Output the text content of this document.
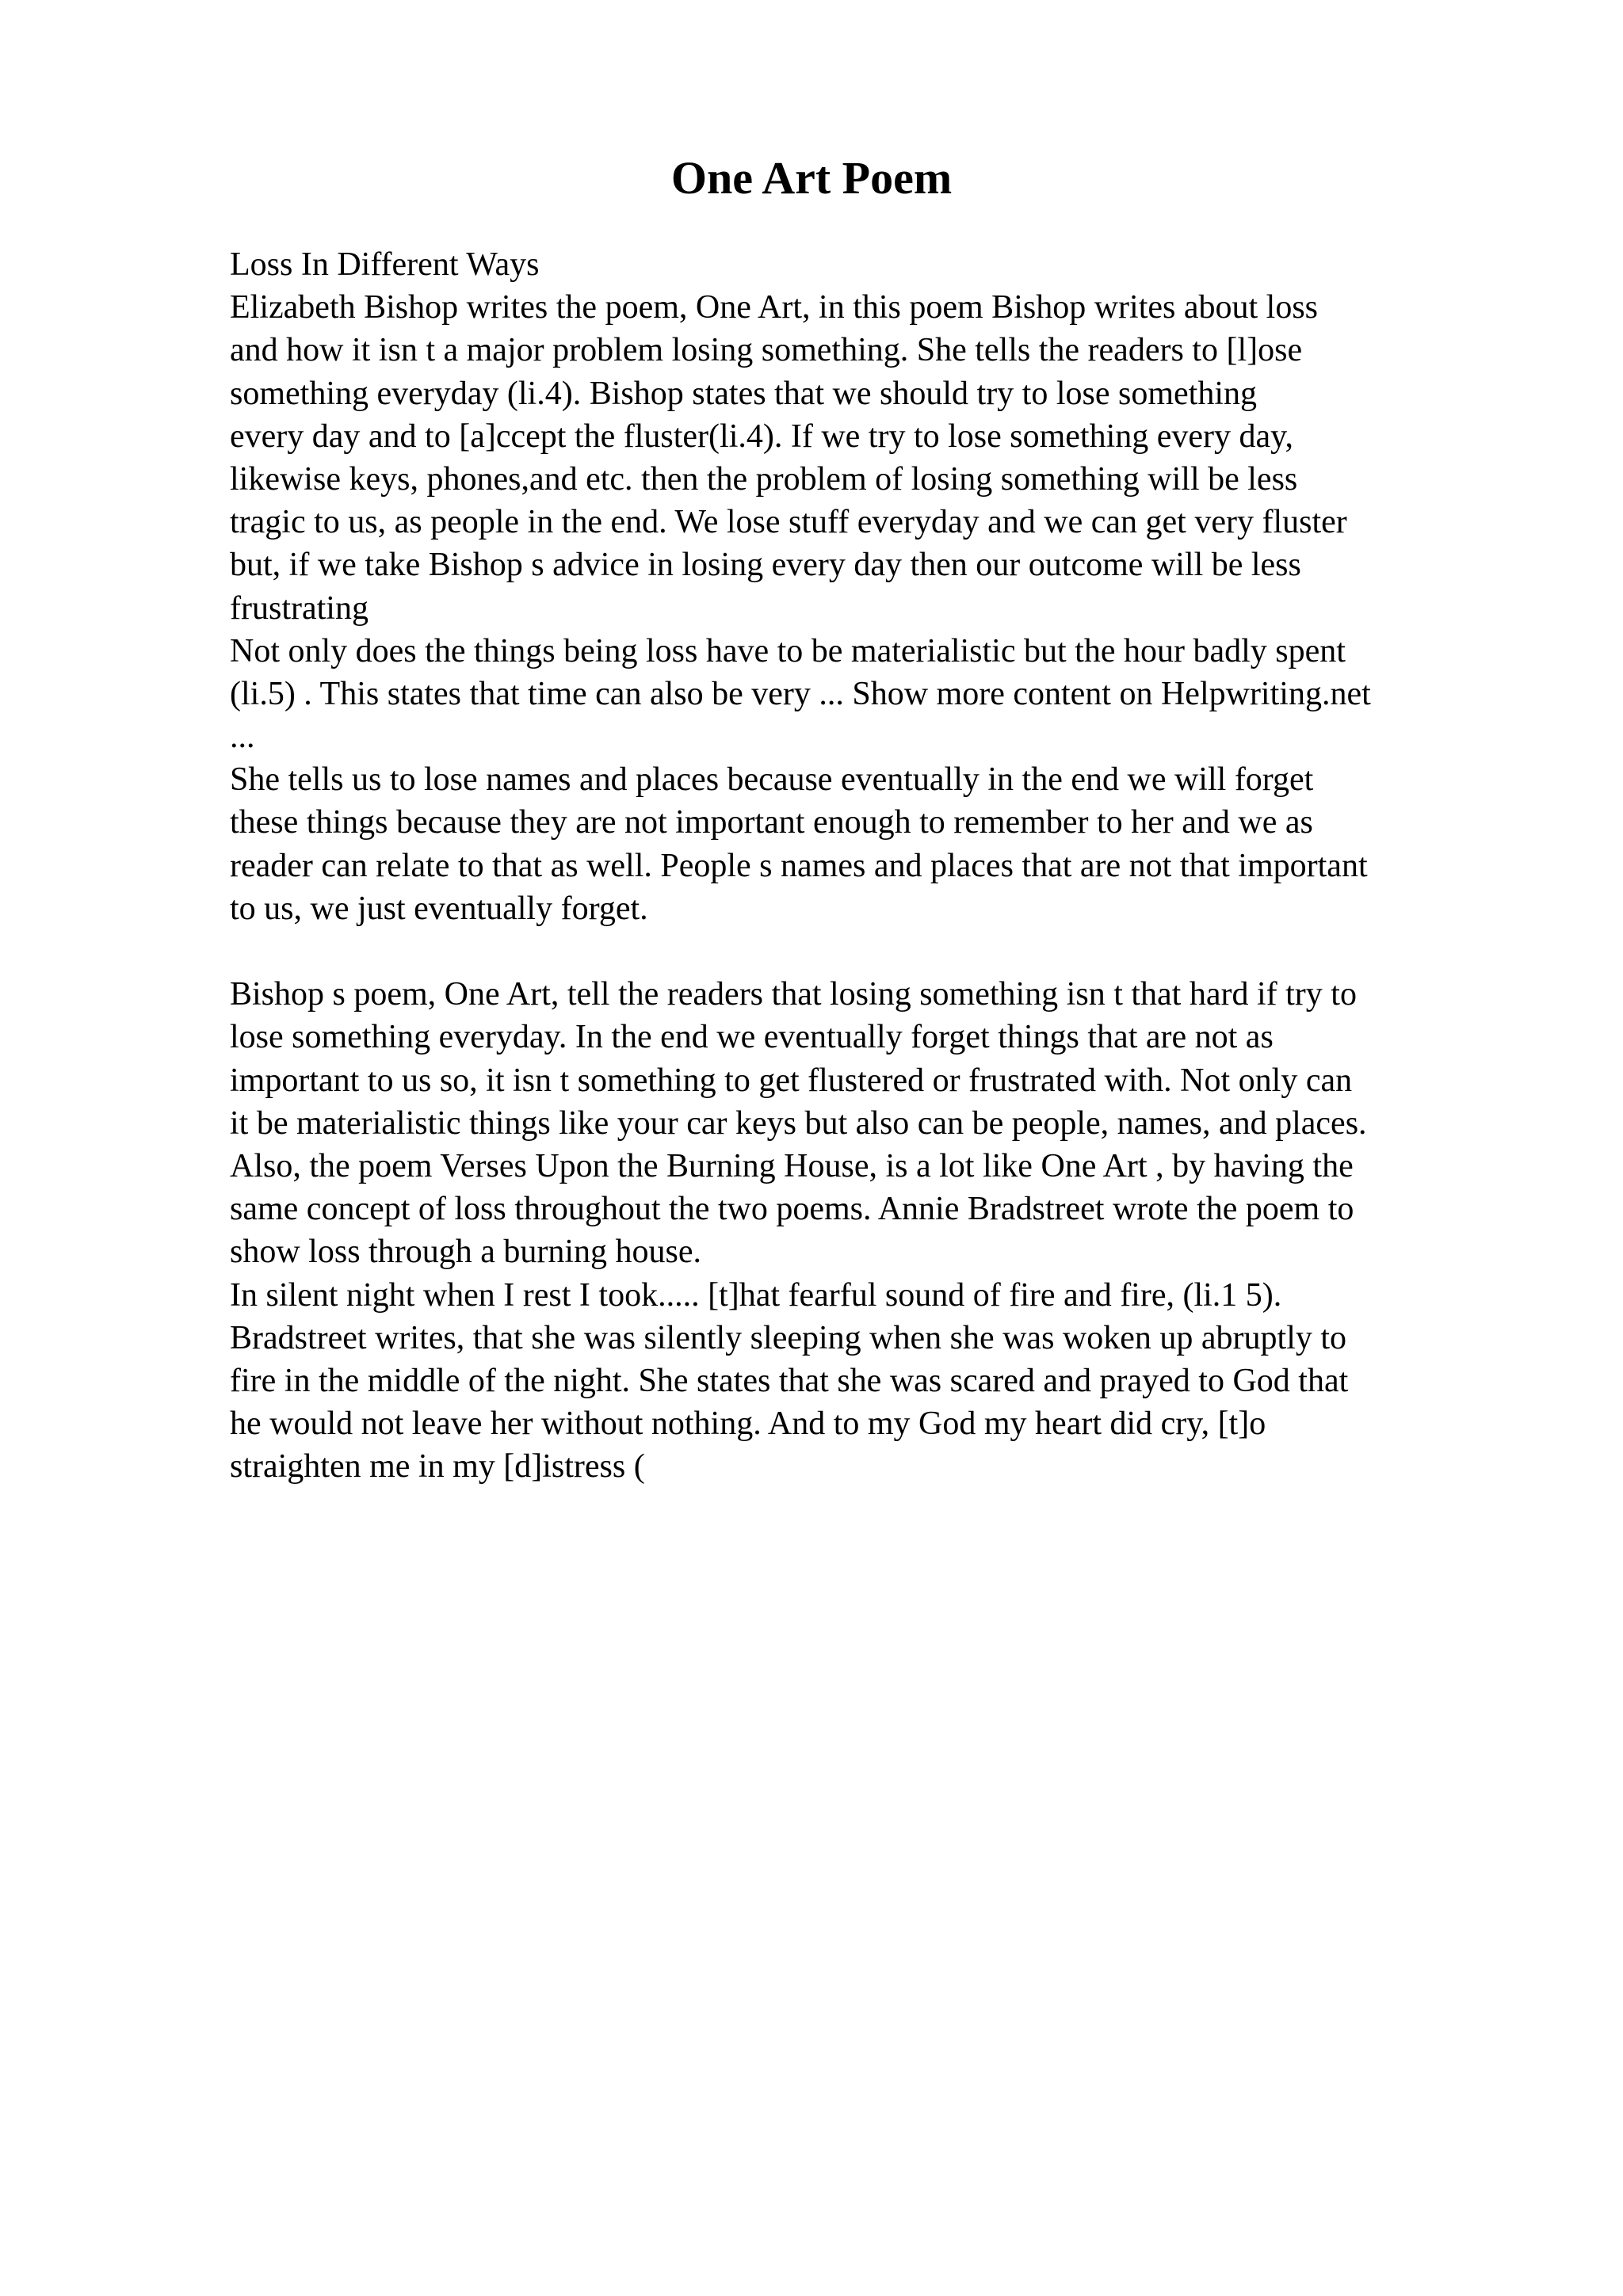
One Art Poem
Loss In Different Ways
Elizabeth Bishop writes the poem, One Art, in this poem Bishop writes about loss
and how it isn t a major problem losing something. She tells the readers to [l]ose
something everyday (li.4). Bishop states that we should try to lose something
every day and to [a]ccept the fluster(li.4). If we try to lose something every day,
likewise keys, phones,and etc. then the problem of losing something will be less
tragic to us, as people in the end. We lose stuff everyday and we can get very fluster
but, if we take Bishop s advice in losing every day then our outcome will be less
frustrating
Not only does the things being loss have to be materialistic but the hour badly spent
(li.5) . This states that time can also be very ... Show more content on Helpwriting.net
...
She tells us to lose names and places because eventually in the end we will forget
these things because they are not important enough to remember to her and we as
reader can relate to that as well. People s names and places that are not that important
to us, we just eventually forget.
Bishop s poem, One Art, tell the readers that losing something isn t that hard if try to
lose something everyday. In the end we eventually forget things that are not as
important to us so, it isn t something to get flustered or frustrated with. Not only can
it be materialistic things like your car keys but also can be people, names, and places.
Also, the poem Verses Upon the Burning House, is a lot like One Art , by having the
same concept of loss throughout the two poems. Annie Bradstreet wrote the poem to
show loss through a burning house.
In silent night when I rest I took..... [t]hat fearful sound of fire and fire, (li.1 5).
Bradstreet writes, that she was silently sleeping when she was woken up abruptly to
fire in the middle of the night. She states that she was scared and prayed to God that
he would not leave her without nothing. And to my God my heart did cry, [t]o
straighten me in my [d]istress (
